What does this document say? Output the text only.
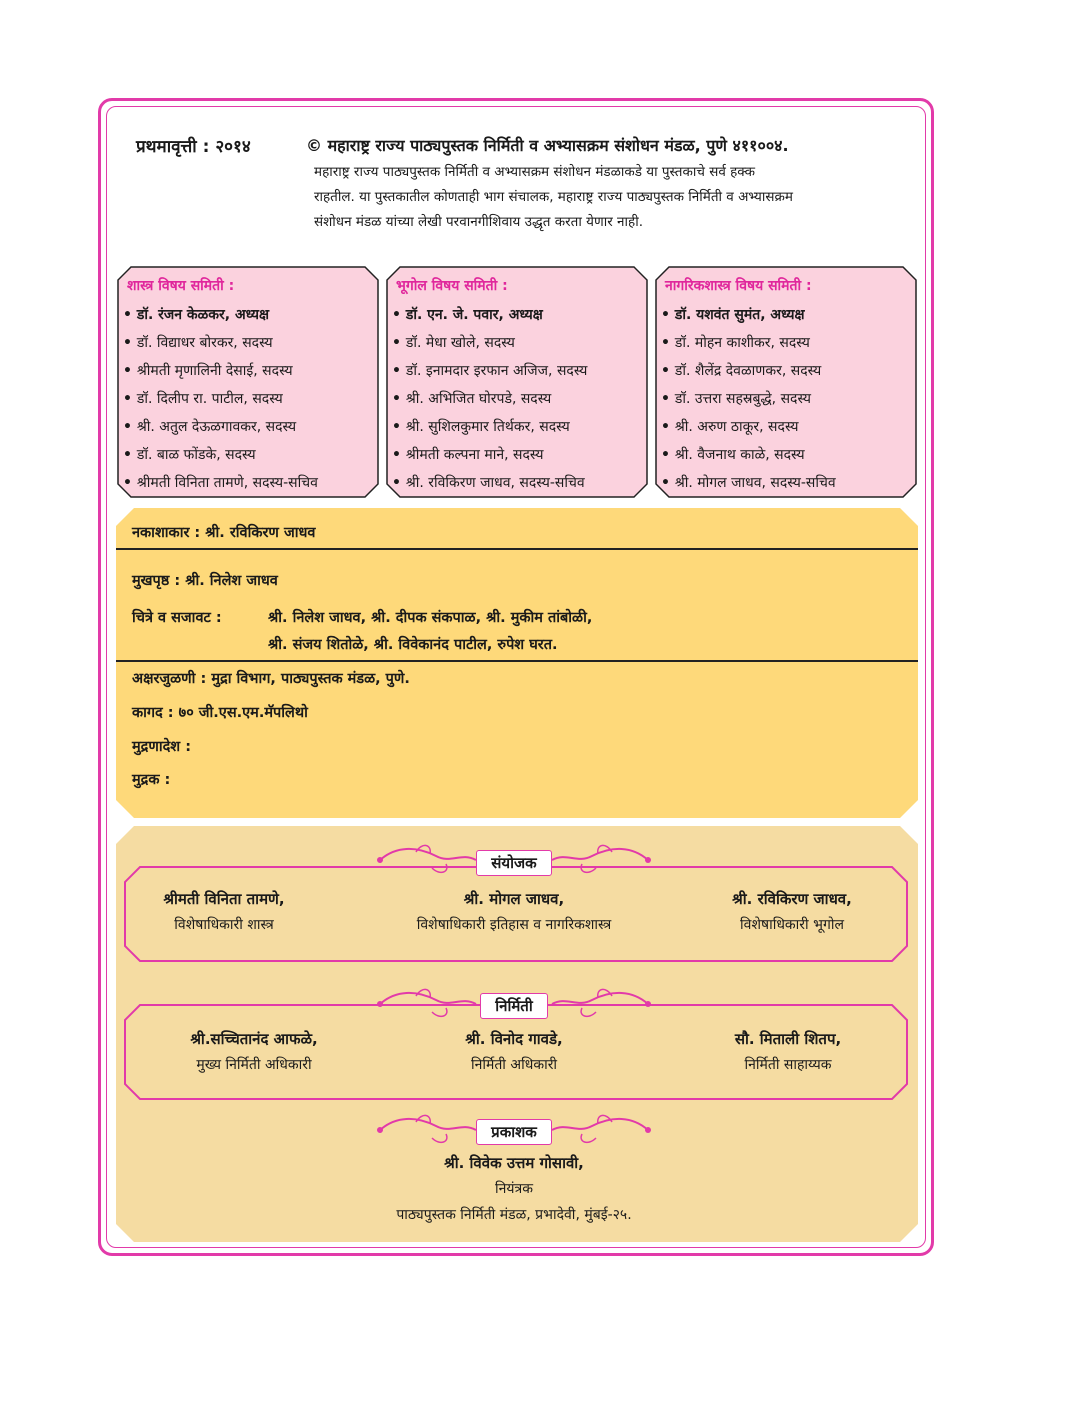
प्रथमावृत्ती : २०१४	© महाराष्ट्र राज्य पाठ्यपुस्तक निर्मिती व अभ्यासक्रम संशोधन मंडळ, पुणे ४११००४.
महाराष्ट्र राज्य पाठ्यपुस्तक निर्मिती व अभ्यासक्रम संशोधन मंडळाकडे या पुस्तकाचे सर्व हक्क
राहतील. या पुस्तकातील कोणताही भाग संचालक, महाराष्ट्र राज्य पाठ्यपुस्तक निर्मिती व अभ्यासक्रम
संशोधन मंडळ यांच्या लेखी परवानगीशिवाय उद्धृत करता येणार नाही.
शास्त्र विषय समिती :
• डॉ. रंजन केळकर, अध्यक्ष
• डॉ. विद्याधर बोरकर, सदस्य
• श्रीमती मृणालिनी देसाई, सदस्य
• डॉ. दिलीप रा. पाटील, सदस्य
• श्री. अतुल देऊळगावकर, सदस्य
• डॉ. बाळ फोंडके, सदस्य
• श्रीमती विनिता तामणे, सदस्य-सचिव
भूगोल विषय समिती :
• डॉ. एन. जे. पवार, अध्यक्ष
• डॉ. मेधा खोले, सदस्य
• डॉ. इनामदार इरफान अजिज, सदस्य
• श्री. अभिजित घोरपडे, सदस्य
• श्री. सुशिलकुमार तिर्थकर, सदस्य
• श्रीमती कल्पना माने, सदस्य
• श्री. रविकिरण जाधव, सदस्य-सचिव
नागरिकशास्त्र विषय समिती :
• डॉ. यशवंत सुमंत, अध्यक्ष
• डॉ. मोहन काशीकर, सदस्य
• डॉ. शैलेंद्र देवळाणकर, सदस्य
• डॉ. उत्तरा सहस्रबुद्धे, सदस्य
• श्री. अरुण ठाकूर, सदस्य
• श्री. वैजनाथ काळे, सदस्य
• श्री. मोगल जाधव, सदस्य-सचिव
नकाशाकार : श्री. रविकिरण जाधव
मुखपृष्ठ : श्री. निलेश जाधव
चित्रे व सजावट :	श्री. निलेश जाधव, श्री. दीपक संकपाळ, श्री. मुकीम तांबोळी,
श्री. संजय शितोळे, श्री. विवेकानंद पाटील, रुपेश घरत.
अक्षरजुळणी : मुद्रा विभाग, पाठ्यपुस्तक मंडळ, पुणे.
कागद : ७० जी.एस.एम.मॅपलिथो
मुद्रणादेश :
मुद्रक :
संयोजक
श्रीमती विनिता तामणे,
विशेषाधिकारी शास्त्र
श्री. मोगल जाधव,
विशेषाधिकारी इतिहास व नागरिकशास्त्र
श्री. रविकिरण जाधव,
विशेषाधिकारी भूगोल
निर्मिती
श्री.सच्चितानंद आफळे,
मुख्य निर्मिती अधिकारी
श्री. विनोद गावडे,
निर्मिती अधिकारी
सौ. मिताली शितप,
निर्मिती साहाय्यक
प्रकाशक
श्री. विवेक उत्तम गोसावी,
नियंत्रक
पाठ्यपुस्तक निर्मिती मंडळ, प्रभादेवी, मुंबई-२५.
